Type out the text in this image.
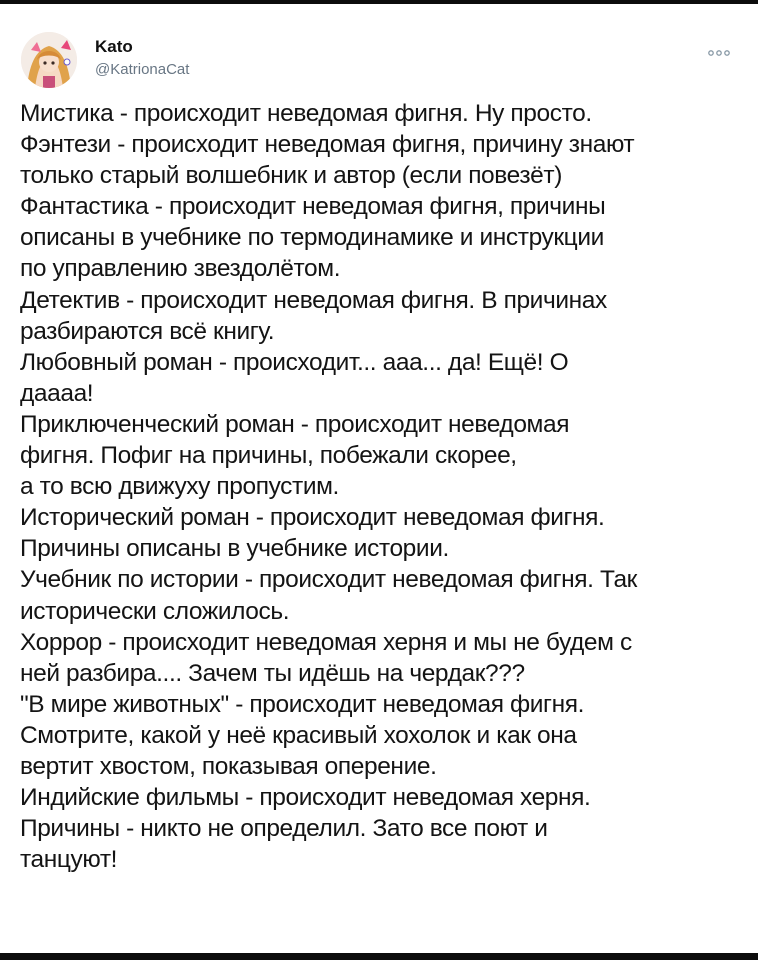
Kato
@KatrionaCat
Мистика - происходит неведомая фигня. Ну просто.
Фэнтези - происходит неведомая фигня, причину знают
только старый волшебник и автор (если повезёт)
Фантастика - происходит неведомая фигня, причины
описаны в учебнике по термодинамике и инструкции
по управлению звездолётом.
Детектив - происходит неведомая фигня. В причинах
разбираются всё книгу.
Любовный роман - происходит... ааа... да! Ещё! О
даааа!
Приключенческий роман - происходит неведомая
фигня. Пофиг на причины, побежали скорее,
а то всю движуху пропустим.
Исторический роман - происходит неведомая фигня.
Причины описаны в учебнике истории.
Учебник по истории - происходит неведомая фигня. Так
исторически сложилось.
Хоррор - происходит неведомая херня и мы не будем с
ней разбира.... Зачем ты идёшь на чердак???
"В мире животных" - происходит неведомая фигня.
Смотрите, какой у неё красивый хохолок и как она
вертит хвостом, показывая оперение.
Индийские фильмы - происходит неведомая херня.
Причины - никто не определил. Зато все поют и
танцуют!
